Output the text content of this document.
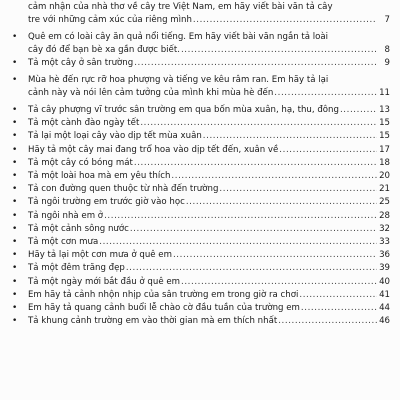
cảm nhận của nhà thơ về cây tre Việt Nam, em hãy viết bài văn tả cây
tre với những cảm xúc của riêng mình .....	7
•	Quê em có loài cây ăn quả nổi tiếng. Em hãy viết bài văn ngắn tả loài
cây đó để bạn bè xa gần được biết. .....	8
•	Tả một cây ở sân trường .....	9
•	Mùa hè đến rực rỡ hoa phượng và tiếng ve kêu râm ran. Em hãy tả lại
cảnh này và nói lên cảm tưởng của mình khi mùa hè đến .....	11
•	Tả cây phượng vĩ trước sân trường em qua bốn mùa xuân, hạ, thu, đông .....	13
•	Tả một cành đào ngày tết .....	15
•	Tả lại một loại cây vào dịp tết mùa xuân .....	15
•	Hãy tả một cây mai đang trổ hoa vào dịp tết đến, xuân về .....	17
•	Tả một cây có bóng mát .....	18
•	Tả một loài hoa mà em yêu thích .....	20
•	Tả con đường quen thuộc từ nhà đến trường .....	21
•	Tả ngôi trường em trước giờ vào học .....	25
•	Tả ngôi nhà em ở .....	28
•	Tả một cảnh sông nước .....	32
•	Tả một cơn mưa .....	33
•	Hãy tả lại một cơn mưa ở quê em .....	36
•	Tả một đêm trăng đẹp .....	39
•	Tả một ngày mới bắt đầu ở quê em .....	40
•	Em hãy tả cảnh nhộn nhịp của sân trường em trong giờ ra chơi .....	41
•	Em hãy tả quang cảnh buổi lễ chào cờ đầu tuần của trường em .....	44
•	Tả khung cảnh trường em vào thời gian mà em thích nhất .....	46
